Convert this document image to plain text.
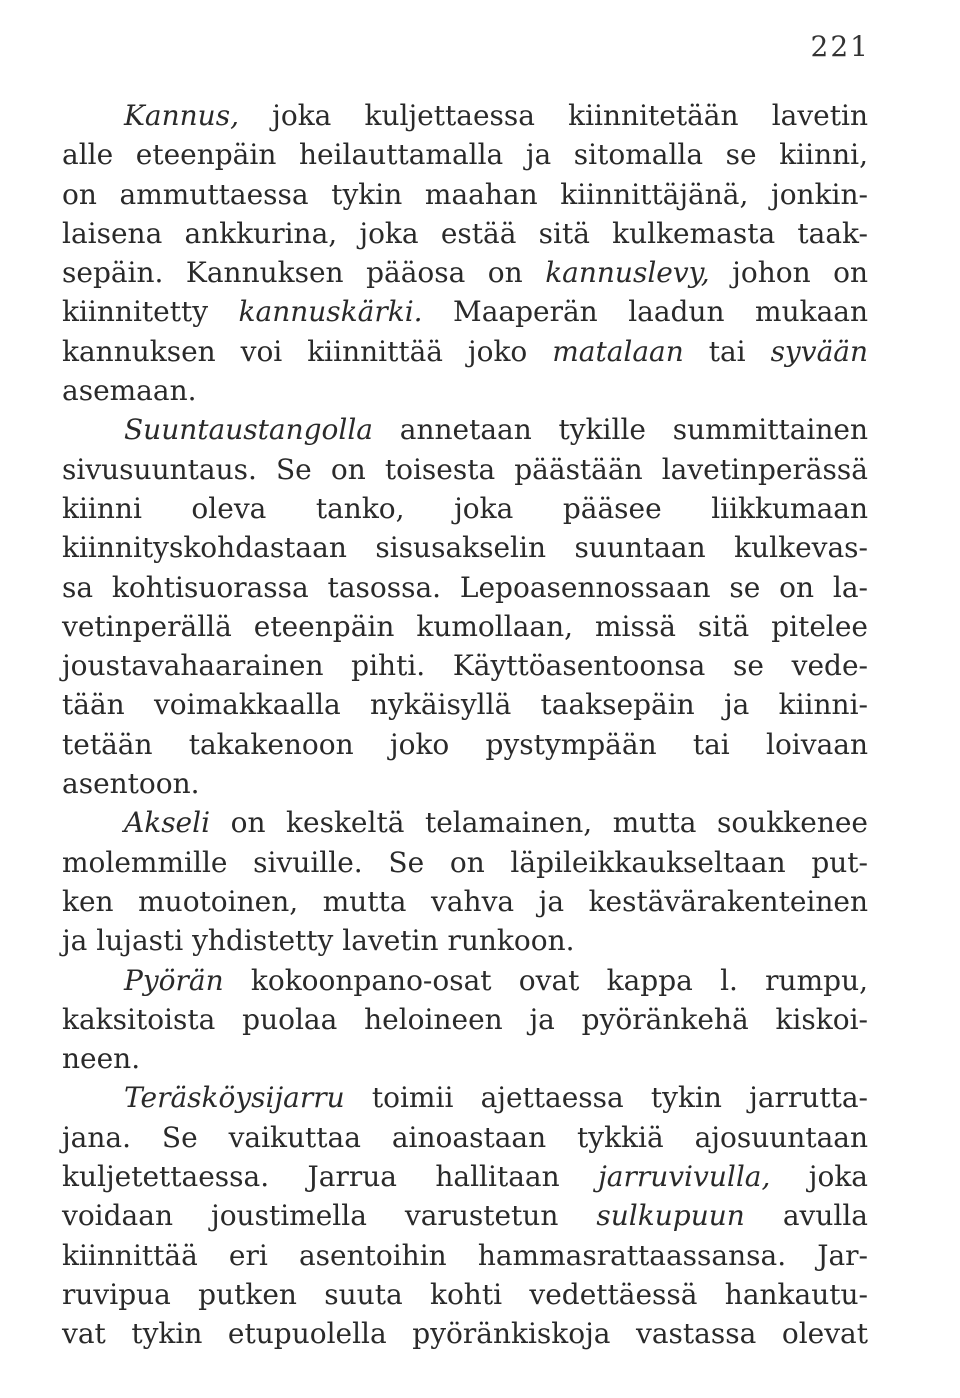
221
Kannus, joka kuljettaessa kiinnitetään lavetin
alle eteenpäin heilauttamalla ja sitomalla se kiinni,
on ammuttaessa tykin maahan kiinnittäjänä, jonkin-
laisena ankkurina, joka estää sitä kulkemasta taak-
sepäin. Kannuksen pääosa on kannuslevy, johon on
kiinnitetty kannuskärki. Maaperän laadun mukaan
kannuksen voi kiinnittää joko matalaan tai syvään
asemaan.
Suuntaustangolla annetaan tykille summittainen
sivusuuntaus. Se on toisesta päästään lavetinperässä
kiinni oleva tanko, joka pääsee liikkumaan
kiinnityskohdastaan sisusakselin suuntaan kulkevas-
sa kohtisuorassa tasossa. Lepoasennossaan se on la-
vetinperällä eteenpäin kumollaan, missä sitä pitelee
joustavahaarainen pihti. Käyttöasentoonsa se vede-
tään voimakkaalla nykäisyllä taaksepäin ja kiinni-
tetään takakenoon joko pystympään tai loivaan
asentoon.
Akseli on keskeltä telamainen, mutta soukkenee
molemmille sivuille. Se on läpileikkaukseltaan put-
ken muotoinen, mutta vahva ja kestävärakenteinen
ja lujasti yhdistetty lavetin runkoon.
Pyörän kokoonpano-osat ovat kappa l. rumpu,
kaksitoista puolaa heloineen ja pyöränkehä kiskoi-
neen.
Teräsköysijarru toimii ajettaessa tykin jarrutta-
jana. Se vaikuttaa ainoastaan tykkiä ajosuuntaan
kuljetettaessa. Jarrua hallitaan jarruvivulla, joka
voidaan joustimella varustetun sulkupuun avulla
kiinnittää eri asentoihin hammasrattaassansa. Jar-
ruvipua putken suuta kohti vedettäessä hankautu-
vat tykin etupuolella pyöränkiskoja vastassa olevat
